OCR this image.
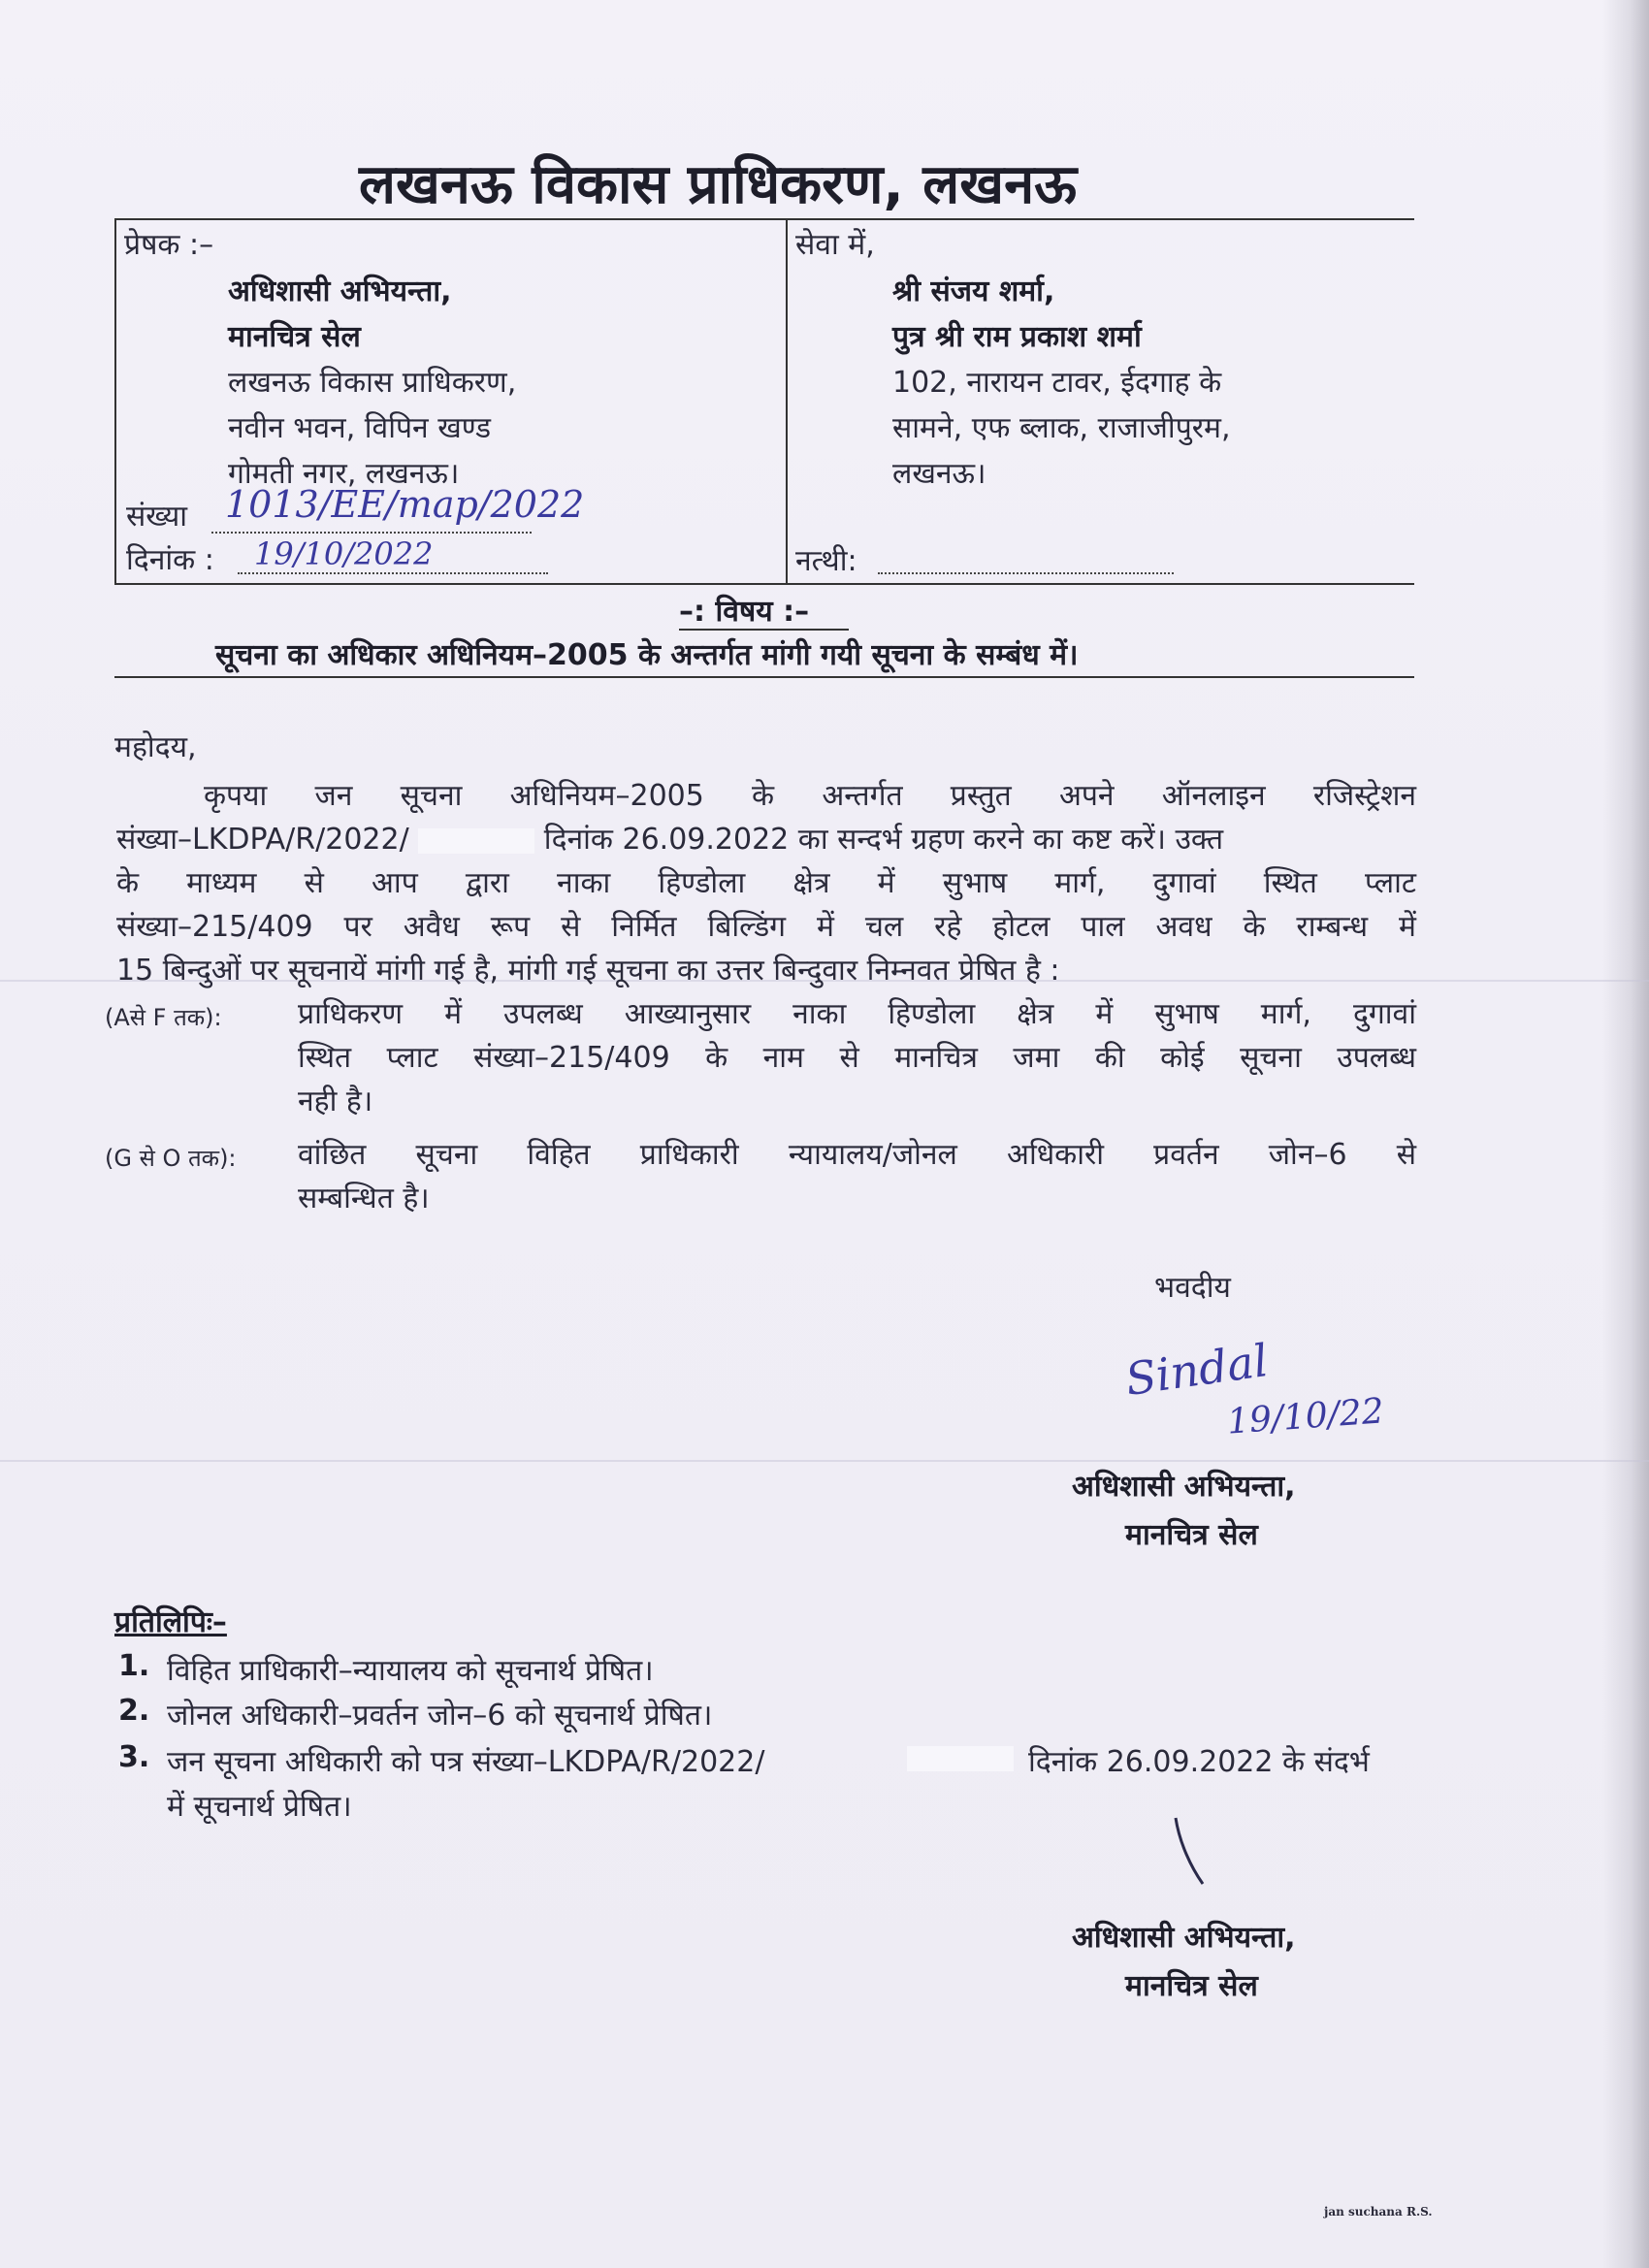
लखनऊ विकास प्राधिकरण, लखनऊ
प्रेषक :–
अधिशासी अभियन्ता,
मानचित्र सेल
लखनऊ विकास प्राधिकरण,
नवीन भवन, विपिन खण्ड
गोमती नगर, लखनऊ।
संख्या 1013/EE/map/2022
दिनांक : 19/10/2022
सेवा में,
श्री संजय शर्मा,
पुत्र श्री राम प्रकाश शर्मा
102, नारायन टावर, ईदगाह के
सामने, एफ ब्लाक, राजाजीपुरम,
लखनऊ।
नत्थी:
–: विषय :–
सूचना का अधिकार अधिनियम–2005 के अन्तर्गत मांगी गयी सूचना के सम्बंध में।
महोदय,
कृपया जन सूचना अधिनियम–2005 के अन्तर्गत प्रस्तुत अपने ऑनलाइन रजिस्ट्रेशन
संख्या–LKDPA/R/2022/	दिनांक 26.09.2022 का सन्दर्भ ग्रहण करने का कष्ट करें। उक्त
के माध्यम से आप द्वारा नाका हिण्डोला क्षेत्र में सुभाष मार्ग, दुगावां स्थित प्लाट
संख्या–215/409 पर अवैध रूप से निर्मित बिल्डिंग में चल रहे होटल पाल अवध के राम्बन्ध में
15 बिन्दुओं पर सूचनायें मांगी गई है, मांगी गई सूचना का उत्तर बिन्दुवार निम्नवत प्रेषित है :
(Aसे F तक):	प्राधिकरण में उपलब्ध आख्यानुसार नाका हिण्डोला क्षेत्र में सुभाष मार्ग, दुगावां
स्थित प्लाट संख्या–215/409 के नाम से मानचित्र जमा की कोई सूचना उपलब्ध
नही है।
(G से O तक): वांछित सूचना विहित प्राधिकारी न्यायालय/जोनल अधिकारी प्रवर्तन जोन–6 से
सम्बन्धित है।
भवदीय
Sindal
19/10/22
अधिशासी अभियन्ता,
मानचित्र सेल
प्रतिलिपिः–
1. विहित प्राधिकारी–न्यायालय को सूचनार्थ प्रेषित।
2. जोनल अधिकारी–प्रवर्तन जोन–6 को सूचनार्थ प्रेषित।
3. जन सूचना अधिकारी को पत्र संख्या–LKDPA/R/2022/	दिनांक 26.09.2022 के संदर्भ
में सूचनार्थ प्रेषित।
अधिशासी अभियन्ता,
मानचित्र सेल
jan suchana R.S.
